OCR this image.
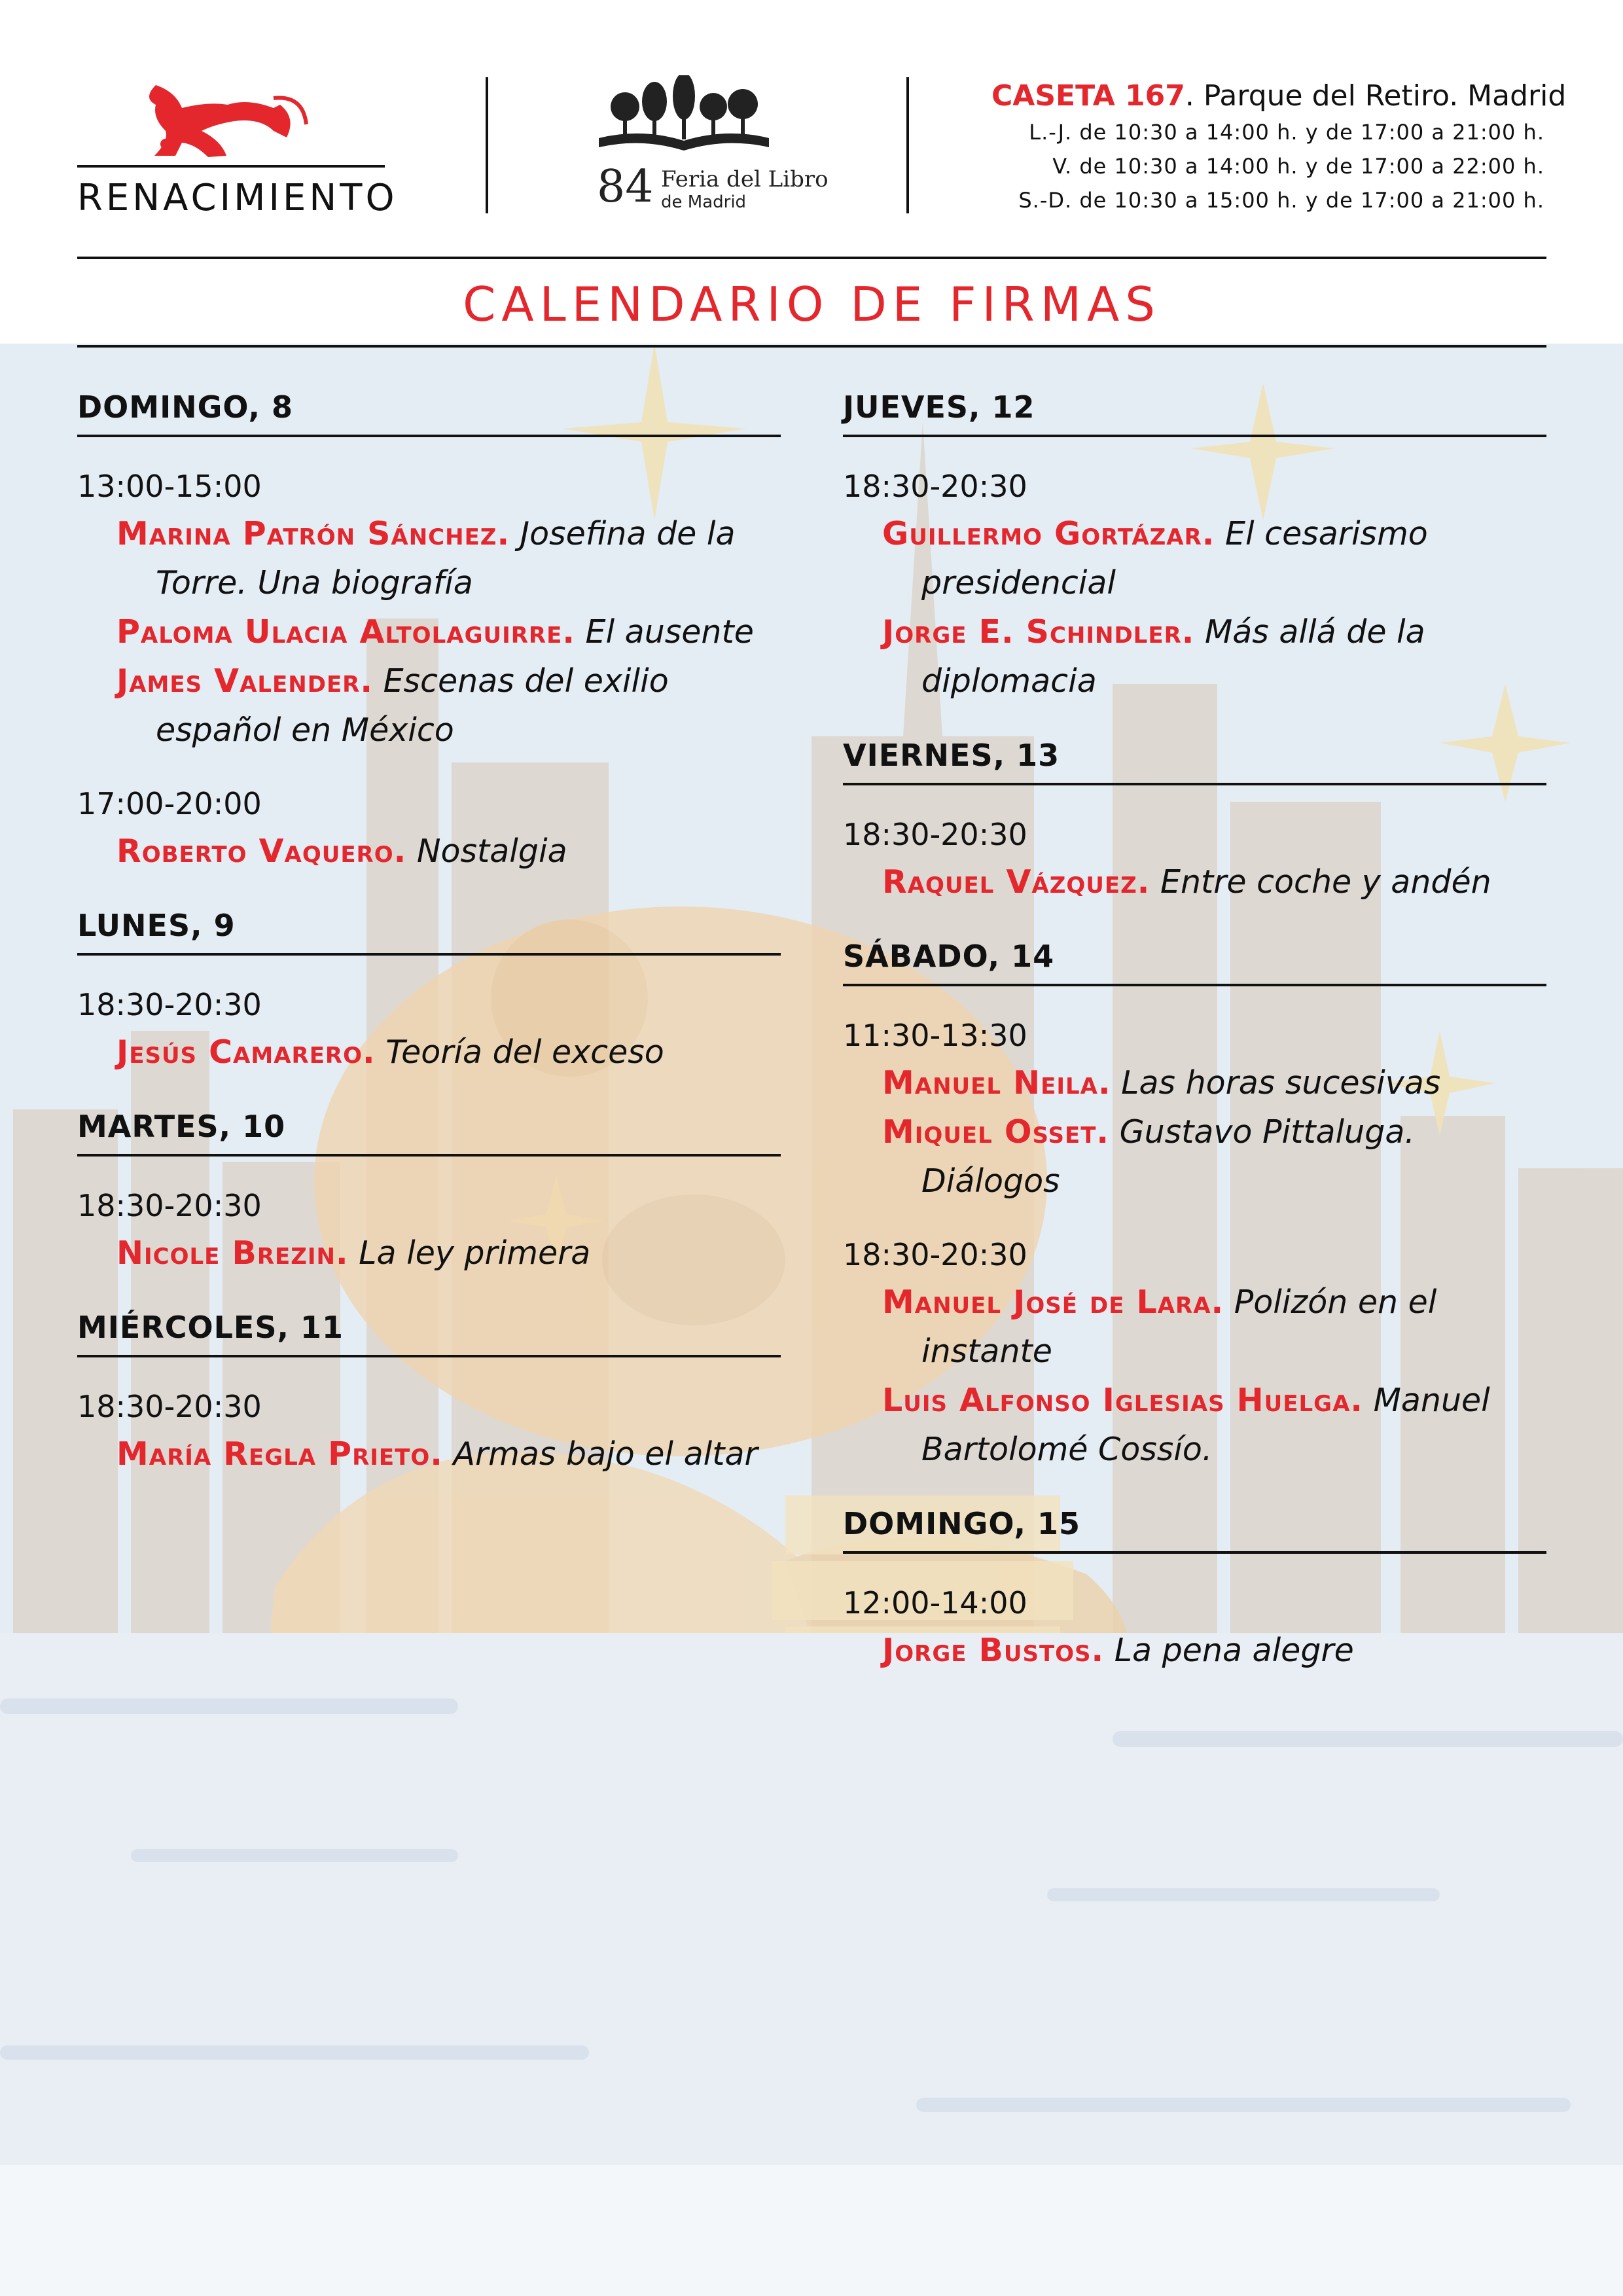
RENACIMIENTO	84 Feria del Libro
de Madrid
CASETA 167. Parque del Retiro. Madrid
L.-J. de 10:30 a 14:00 h. y de 17:00 a 21:00 h.
V. de 10:30 a 14:00 h. y de 17:00 a 22:00 h.
S.-D. de 10:30 a 15:00 h. y de 17:00 a 21:00 h.
CALENDARIO DE FIRMAS
DOMINGO, 8
13:00-15:00
Marina Patrón Sánchez. Josefina de la Torre. Una biografía
Paloma Ulacia Altolaguirre. El ausente
James Valender. Escenas del exilio español en México
17:00-20:00
Roberto Vaquero. Nostalgia
LUNES, 9
18:30-20:30
Jesús Camarero. Teoría del exceso
MARTES, 10
18:30-20:30
Nicole Brezin. La ley primera
MIÉRCOLES, 11
18:30-20:30
María Regla Prieto. Armas bajo el altar
JUEVES, 12
18:30-20:30
Guillermo Gortázar. El cesarismo presidencial
Jorge E. Schindler. Más allá de la diplomacia
VIERNES, 13
18:30-20:30
Raquel Vázquez. Entre coche y andén
SÁBADO, 14
11:30-13:30
Manuel Neila. Las horas sucesivas
Miquel Osset. Gustavo Pittaluga. Diálogos
18:30-20:30
Manuel José de Lara. Polizón en el instante
Luis Alfonso Iglesias Huelga. Manuel Bartolomé Cossío.
DOMINGO, 15
12:00-14:00
Jorge Bustos. La pena alegre
